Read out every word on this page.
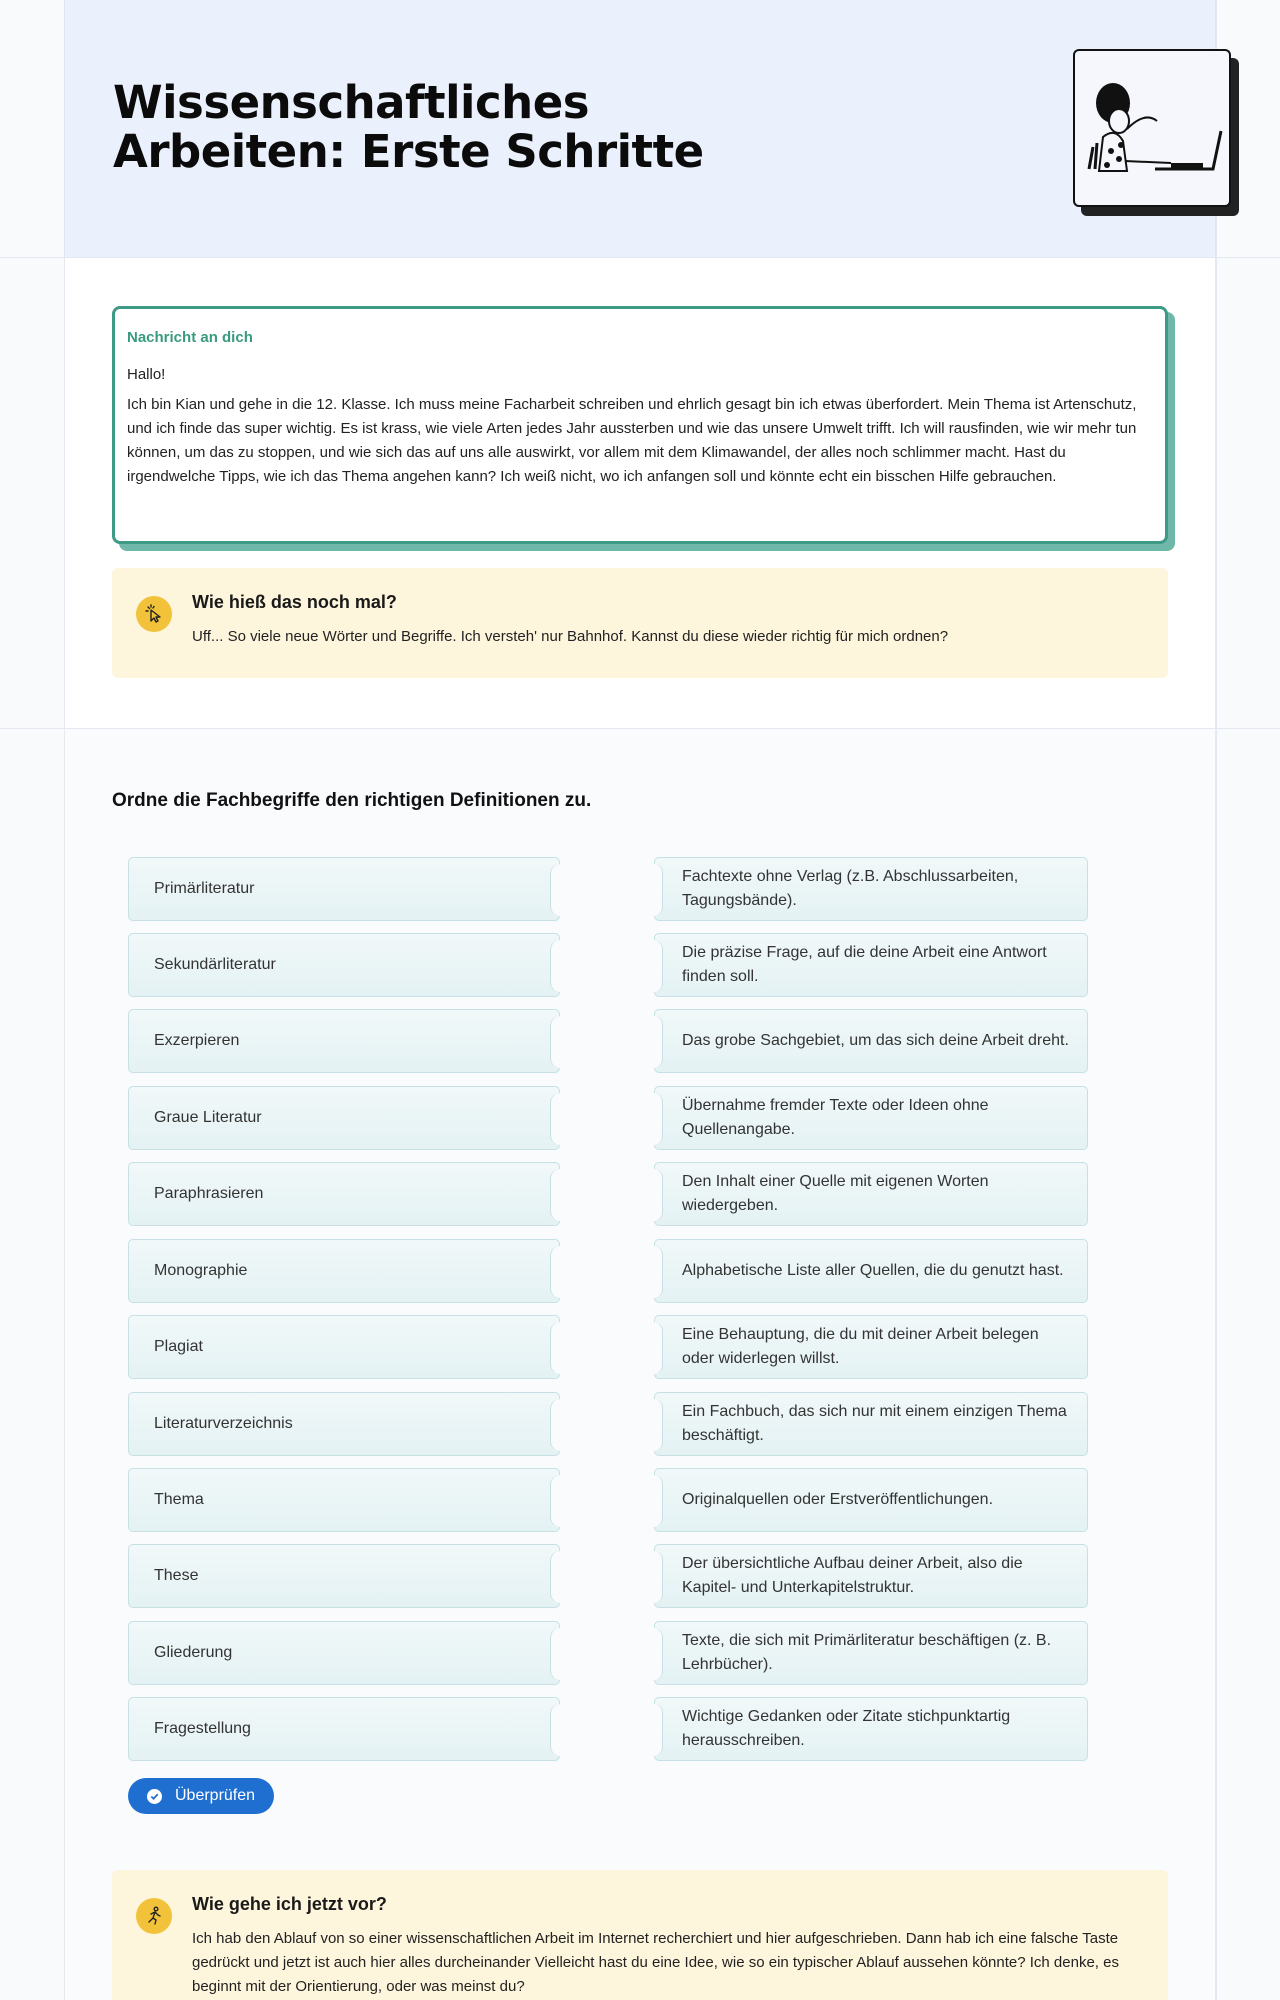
Wissenschaftliches
Arbeiten: Erste Schritte
Nachricht an dich
Hallo!
Ich bin Kian und gehe in die 12. Klasse. Ich muss meine Facharbeit schreiben und ehrlich gesagt bin ich etwas überfordert. Mein Thema ist Artenschutz, und ich finde das super wichtig. Es ist krass, wie viele Arten jedes Jahr aussterben und wie das unsere Umwelt trifft. Ich will rausfinden, wie wir mehr tun können, um das zu stoppen, und wie sich das auf uns alle auswirkt, vor allem mit dem Klimawandel, der alles noch schlimmer macht. Hast du irgendwelche Tipps, wie ich das Thema angehen kann? Ich weiß nicht, wo ich anfangen soll und könnte echt ein bisschen Hilfe gebrauchen.
Wie hieß das noch mal?
Uff... So viele neue Wörter und Begriffe. Ich versteh' nur Bahnhof. Kannst du diese wieder richtig für mich ordnen?
Ordne die Fachbegriffe den richtigen Definitionen zu.
Primärliteratur
Sekundärliteratur
Exzerpieren
Graue Literatur
Paraphrasieren
Monographie
Plagiat
Literaturverzeichnis
Thema
These
Gliederung
Fragestellung
Fachtexte ohne Verlag (z.B. Abschlussarbeiten, Tagungsbände).
Die präzise Frage, auf die deine Arbeit eine Antwort finden soll.
Das grobe Sachgebiet, um das sich deine Arbeit dreht.
Übernahme fremder Texte oder Ideen ohne Quellenangabe.
Den Inhalt einer Quelle mit eigenen Worten wiedergeben.
Alphabetische Liste aller Quellen, die du genutzt hast.
Eine Behauptung, die du mit deiner Arbeit belegen oder widerlegen willst.
Ein Fachbuch, das sich nur mit einem einzigen Thema beschäftigt.
Originalquellen oder Erstveröffentlichungen.
Der übersichtliche Aufbau deiner Arbeit, also die Kapitel- und Unterkapitelstruktur.
Texte, die sich mit Primärliteratur beschäftigen (z. B. Lehrbücher).
Wichtige Gedanken oder Zitate stichpunktartig herausschreiben.
Überprüfen
Wie gehe ich jetzt vor?
Ich hab den Ablauf von so einer wissenschaftlichen Arbeit im Internet recherchiert und hier aufgeschrieben. Dann hab ich eine falsche Taste gedrückt und jetzt ist auch hier alles durcheinander Vielleicht hast du eine Idee, wie so ein typischer Ablauf aussehen könnte? Ich denke, es beginnt mit der Orientierung, oder was meinst du?
